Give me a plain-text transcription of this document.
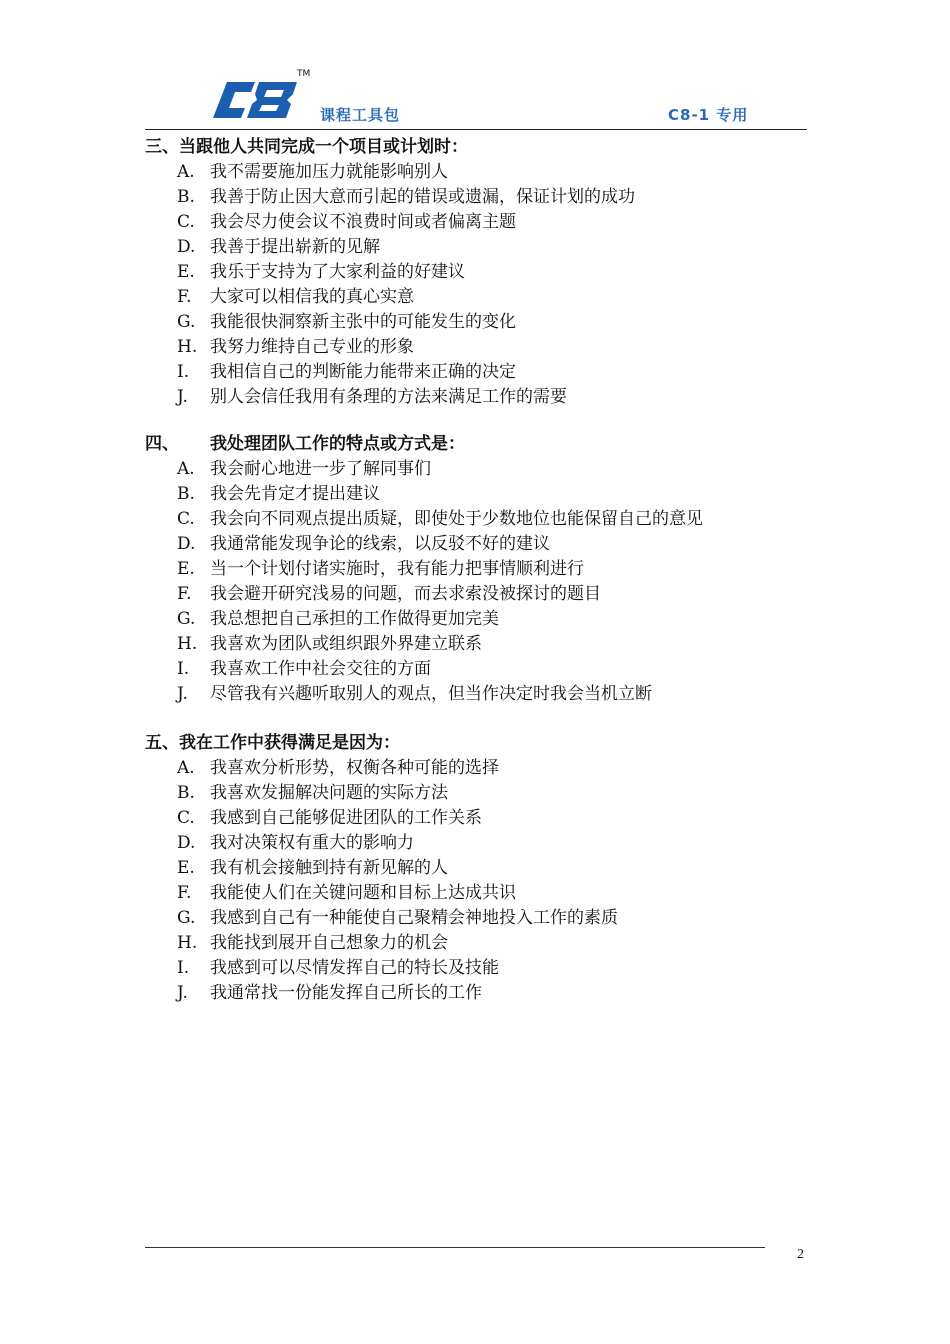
TM
课程工具包	C8-1 专用
三、当跟他人共同完成一个项目或计划时：
A. 我不需要施加压力就能影响别人
B. 我善于防止因大意而引起的错误或遗漏，保证计划的成功
C. 我会尽力使会议不浪费时间或者偏离主题
D. 我善于提出崭新的见解
E. 我乐于支持为了大家利益的好建议
F. 大家可以相信我的真心实意
G. 我能很快洞察新主张中的可能发生的变化
H. 我努力维持自己专业的形象
I. 我相信自己的判断能力能带来正确的决定
J. 别人会信任我用有条理的方法来满足工作的需要
四、 我处理团队工作的特点或方式是：
A. 我会耐心地进一步了解同事们
B. 我会先肯定才提出建议
C. 我会向不同观点提出质疑，即使处于少数地位也能保留自己的意见
D. 我通常能发现争论的线索，以反驳不好的建议
E. 当一个计划付诸实施时，我有能力把事情顺利进行
F. 我会避开研究浅易的问题，而去求索没被探讨的题目
G. 我总想把自己承担的工作做得更加完美
H. 我喜欢为团队或组织跟外界建立联系
I. 我喜欢工作中社会交往的方面
J. 尽管我有兴趣听取别人的观点，但当作决定时我会当机立断
五、我在工作中获得满足是因为：
A. 我喜欢分析形势，权衡各种可能的选择
B. 我喜欢发掘解决问题的实际方法
C. 我感到自己能够促进团队的工作关系
D. 我对决策权有重大的影响力
E. 我有机会接触到持有新见解的人
F. 我能使人们在关键问题和目标上达成共识
G. 我感到自己有一种能使自己聚精会神地投入工作的素质
H. 我能找到展开自己想象力的机会
I. 我感到可以尽情发挥自己的特长及技能
J. 我通常找一份能发挥自己所长的工作
2
